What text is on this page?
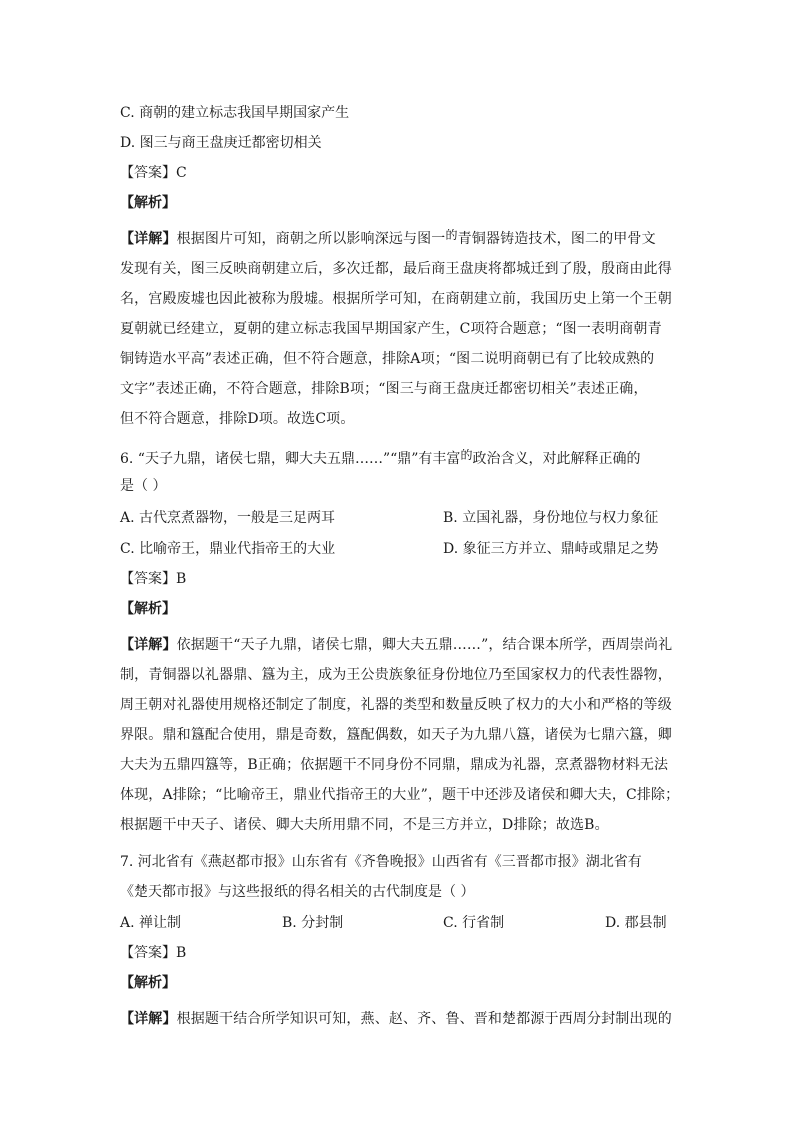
C. 商朝的建立标志我国早期国家产生
D. 图三与商王盘庚迁都密切相关
【答案】C
【解析】
【详解】根据图片可知，商朝之所以影响深远与图一的青铜器铸造技术，图二的甲骨文
发现有关，图三反映商朝建立后，多次迁都，最后商王盘庚将都城迁到了殷，殷商由此得
名，宫殿废墟也因此被称为殷墟。根据所学可知，在商朝建立前，我国历史上第一个王朝
夏朝就已经建立，夏朝的建立标志我国早期国家产生，C项符合题意；“图一表明商朝青
铜铸造水平高”表述正确，但不符合题意，排除A项；“图二说明商朝已有了比较成熟的
文字”表述正确，不符合题意，排除B项；“图三与商王盘庚迁都密切相关”表述正确，
但不符合题意，排除D项。故选C项。
6. “天子九鼎，诸侯七鼎，卿大夫五鼎……”“鼎”有丰富的政治含义，对此解释正确的
是（ ）
A. 古代烹煮器物，一般是三足两耳	B. 立国礼器，身份地位与权力象征
C. 比喻帝王，鼎业代指帝王的大业	D. 象征三方并立、鼎峙或鼎足之势
【答案】B
【解析】
【详解】依据题干“天子九鼎，诸侯七鼎，卿大夫五鼎……”，结合课本所学，西周崇尚礼
制，青铜器以礼器鼎、簋为主，成为王公贵族象征身份地位乃至国家权力的代表性器物，
周王朝对礼器使用规格还制定了制度，礼器的类型和数量反映了权力的大小和严格的等级
界限。鼎和簋配合使用，鼎是奇数，簋配偶数，如天子为九鼎八簋，诸侯为七鼎六簋，卿
大夫为五鼎四簋等，B正确；依据题干不同身份不同鼎，鼎成为礼器，烹煮器物材料无法
体现，A排除；“比喻帝王，鼎业代指帝王的大业”，题干中还涉及诸侯和卿大夫，C排除；
根据题干中天子、诸侯、卿大夫所用鼎不同，不是三方并立，D排除；故选B。
7. 河北省有《燕赵都市报》山东省有《齐鲁晚报》山西省有《三晋都市报》湖北省有
《楚天都市报》与这些报纸的得名相关的古代制度是（ ）
A. 禅让制	B. 分封制	C. 行省制	D. 郡县制
【答案】B
【解析】
【详解】根据题干结合所学知识可知，燕、赵、齐、鲁、晋和楚都源于西周分封制出现的
